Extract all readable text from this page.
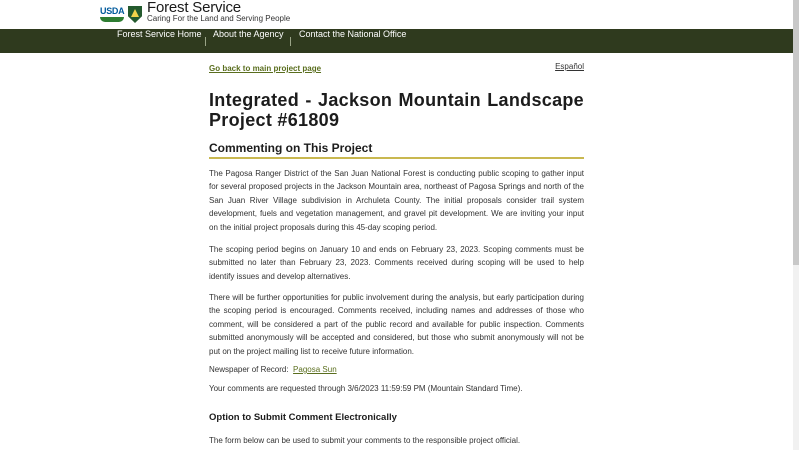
USDA Forest Service
Caring For the Land and Serving People
Forest Service Home About the Agency Contact the National Office
Go back to main project page	Español
Integrated - Jackson Mountain Landscape Project #61809
Commenting on This Project

The Pagosa Ranger District of the San Juan National Forest is conducting public scoping to gather input for several proposed projects in the Jackson Mountain area, northeast of Pagosa Springs and north of the San Juan River Village subdivision in Archuleta County. The initial proposals consider trail system development, fuels and vegetation management, and gravel pit development. We are inviting your input on the initial project proposals during this 45-day scoping period.

The scoping period begins on January 10 and ends on February 23, 2023. Scoping comments must be submitted no later than February 23, 2023. Comments received during scoping will be used to help identify issues and develop alternatives.

There will be further opportunities for public involvement during the analysis, but early participation during the scoping period is encouraged. Comments received, including names and addresses of those who comment, will be considered a part of the public record and available for public inspection. Comments submitted anonymously will be accepted and considered, but those who submit anonymously will not be put on the project mailing list to receive future information.

Newspaper of Record: Pagosa Sun
Your comments are requested through 3/6/2023 11:59:59 PM (Mountain Standard Time).
Option to Submit Comment Electronically
The form below can be used to submit your comments to the responsible project official.
